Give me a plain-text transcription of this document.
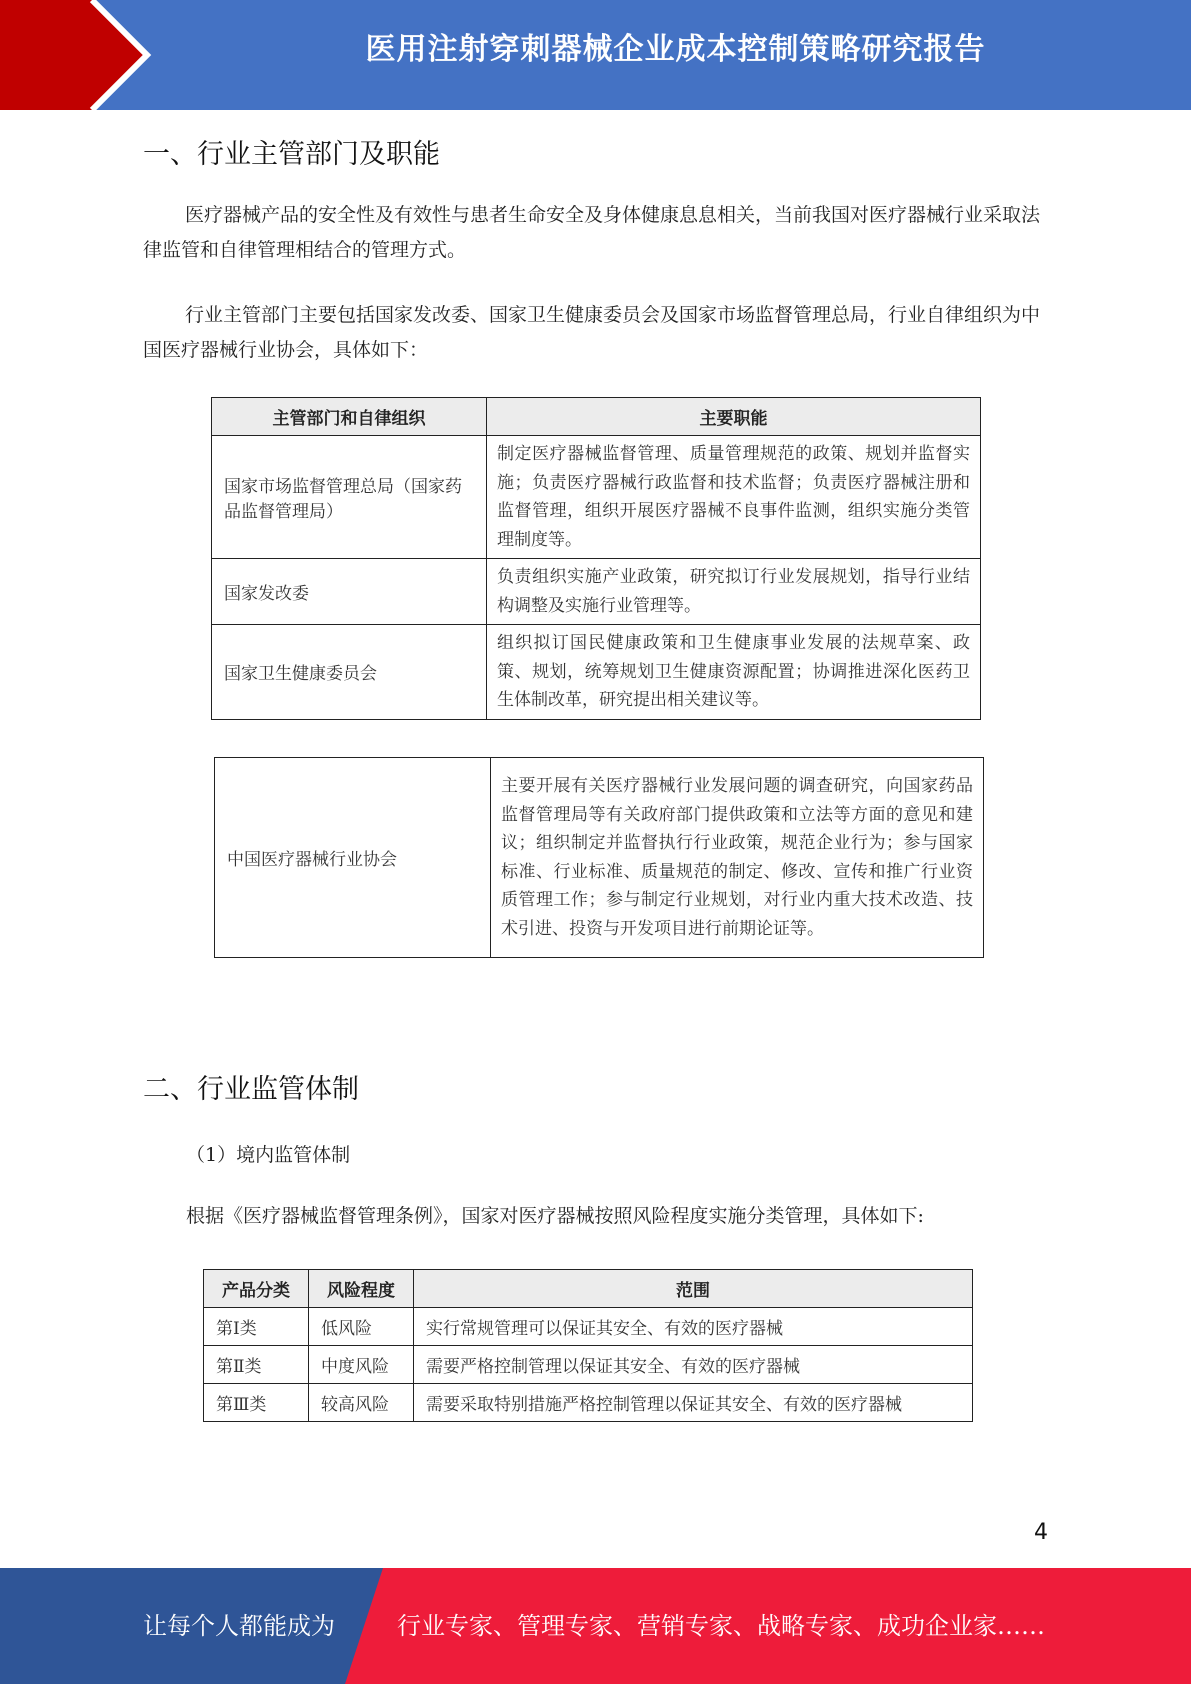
医用注射穿刺器械企业成本控制策略研究报告
一、行业主管部门及职能

医疗器械产品的安全性及有效性与患者生命安全及身体健康息息相关，当前我国对医疗器械行业采取法律监管和自律管理相结合的管理方式。

行业主管部门主要包括国家发改委、国家卫生健康委员会及国家市场监督管理总局，行业自律组织为中国医疗器械行业协会，具体如下：

主管部门和自律组织	主要职能
国家市场监督管理总局（国家药品监督管理局）	制定医疗器械监督管理、质量管理规范的政策、规划并监督实施；负责医疗器械行政监督和技术监督；负责医疗器械注册和监督管理，组织开展医疗器械不良事件监测，组织实施分类管理制度等。
国家发改委	负责组织实施产业政策，研究拟订行业发展规划，指导行业结构调整及实施行业管理等。
国家卫生健康委员会	组织拟订国民健康政策和卫生健康事业发展的法规草案、政策、规划，统筹规划卫生健康资源配置；协调推进深化医药卫生体制改革，研究提出相关建议等。
中国医疗器械行业协会	主要开展有关医疗器械行业发展问题的调查研究，向国家药品监督管理局等有关政府部门提供政策和立法等方面的意见和建议；组织制定并监督执行行业政策，规范企业行为；参与国家标准、行业标准、质量规范的制定、修改、宣传和推广行业资质管理工作；参与制定行业规划，对行业内重大技术改造、技术引进、投资与开发项目进行前期论证等。
二、行业监管体制

（1）境内监管体制

根据《医疗器械监督管理条例》，国家对医疗器械按照风险程度实施分类管理，具体如下:

产品分类	风险程度	范围
第Ⅰ类	低风险	实行常规管理可以保证其安全、有效的医疗器械
第Ⅱ类	中度风险	需要严格控制管理以保证其安全、有效的医疗器械
第Ⅲ类	较高风险	需要采取特别措施严格控制管理以保证其安全、有效的医疗器械
4
让每个人都能成为	行业专家、管理专家、营销专家、战略专家、成功企业家……
